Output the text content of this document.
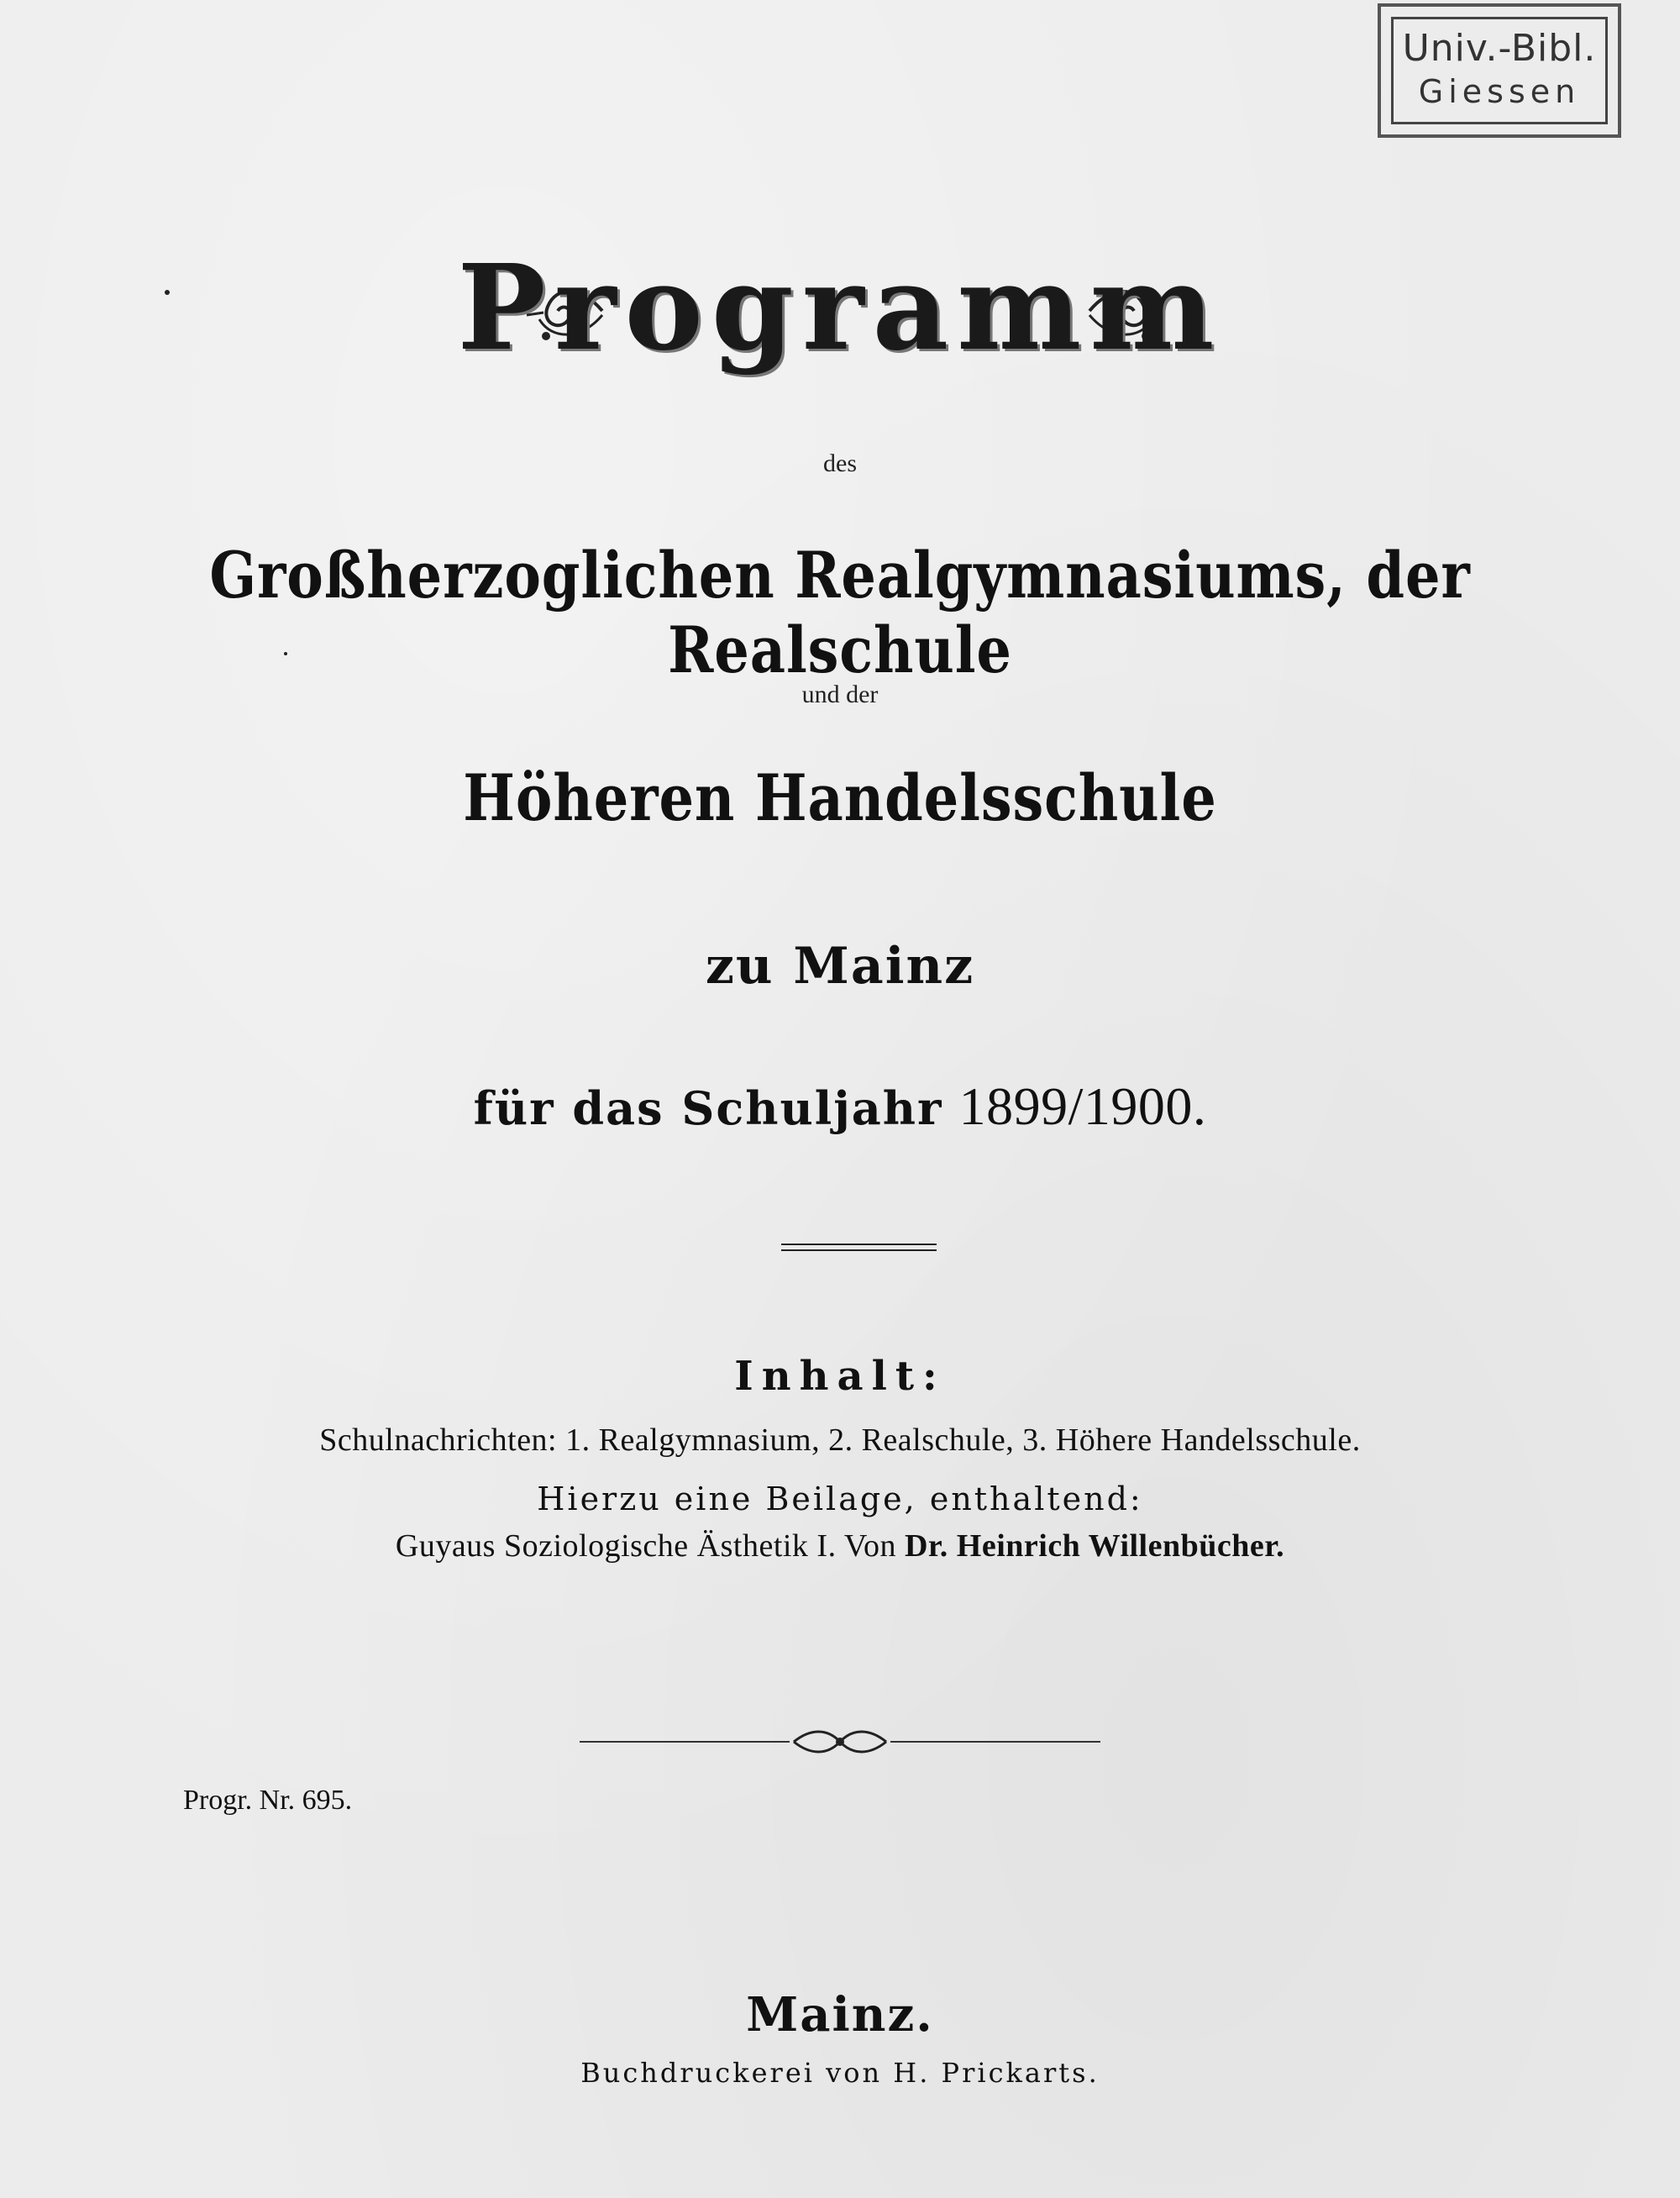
Univ.-Bibl.
Giessen
Programm
des
Großherzoglichen Realgymnasiums, der Realschule
und der
Höheren Handelsschule
zu Mainz
für das Schuljahr 1899/1900.
Inhalt:
Schulnachrichten: 1. Realgymnasium, 2. Realschule, 3. Höhere Handelsschule.
Hierzu eine Beilage, enthaltend:
Guyaus Soziologische Ästhetik I. Von Dr. Heinrich Willenbücher.
Mainz.
Buchdruckerei von H. Prickarts.
Progr. Nr. 695.
